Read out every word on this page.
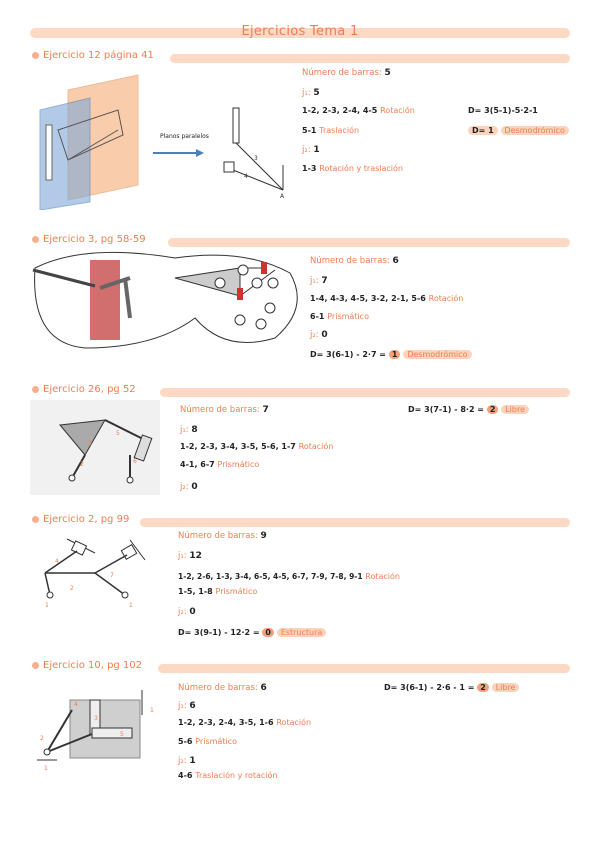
Ejercicios Tema 1
Ejercicio 12 página 41
Planos paralelos
3
4
A
Número de barras: 5
j₁: 5
1-2, 2-3, 2-4, 4-5 Rotación
5-1 Traslación
j₂: 1
1-3 Rotación y traslación
D= 3(5-1)-5·2-1
D= 1 Desmodrómico
Ejercicio 3, pg 58-59
Número de barras: 6
j₁: 7
1-4, 4-3, 4-5, 3-2, 2-1, 5-6 Rotación
6-1 Prismático
j₂: 0
D= 3(6-1) - 2·7 = 1 Desmodrómico
Ejercicio 26, pg 52
3
5
2	6
Número de barras: 7
j₁: 8
1-2, 2-3, 3-4, 3-5, 5-6, 1-7 Rotación
4-1, 6-7 Prismático
j₂: 0
D= 3(7-1) - 8·2 = 2 Libre
Ejercicio 2, pg 99
2
4
7
1	1
Número de barras: 9
j₁: 12
1-2, 2-6, 1-3, 3-4, 6-5, 4-5, 6-7, 7-9, 7-8, 9-1 Rotación
1-5, 1-8 Prismático
j₂: 0
D= 3(9-1) - 12·2 = 0 Estructura
Ejercicio 10, pg 102
4
3
5
2
1
1
Número de barras: 6
j₁: 6
1-2, 2-3, 2-4, 3-5, 1-6 Rotación
5-6 Prismático
j₂: 1
4-6 Traslación y rotación
D= 3(6-1) - 2·6 - 1 = 2 Libre
